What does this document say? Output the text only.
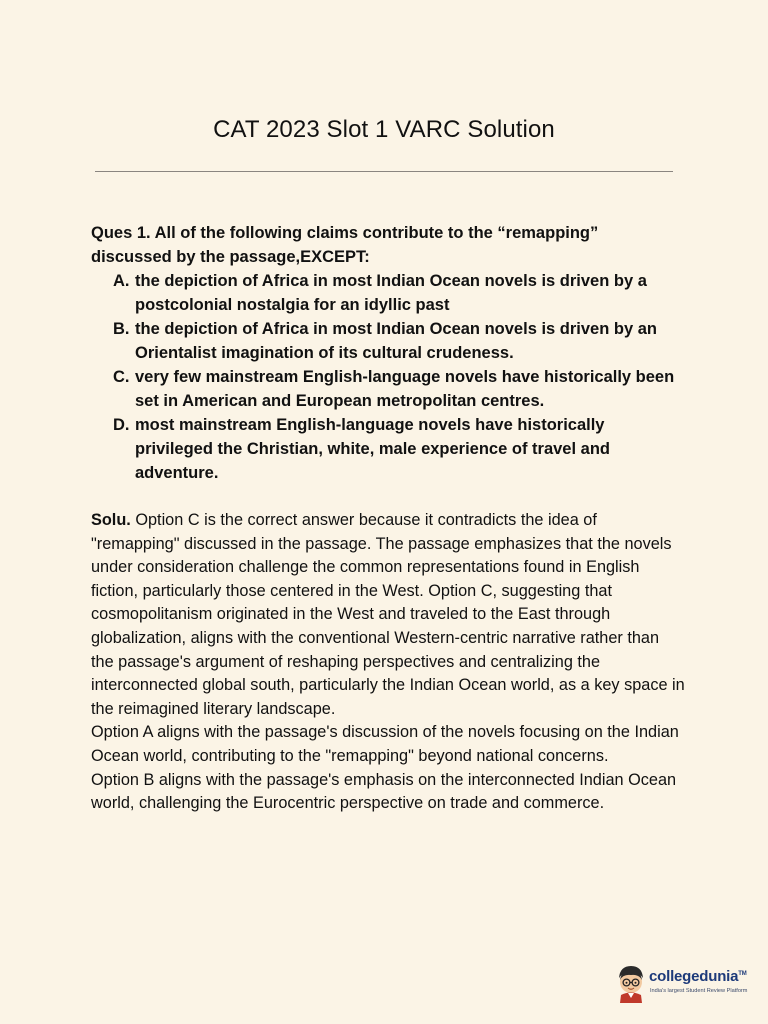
CAT 2023 Slot 1 VARC Solution

Ques 1. All of the following claims contribute to the “remapping” discussed by the passage,EXCEPT:

A. the depiction of Africa in most Indian Ocean novels is driven by a postcolonial nostalgia for an idyllic past
B. the depiction of Africa in most Indian Ocean novels is driven by an Orientalist imagination of its cultural crudeness.
C. very few mainstream English-language novels have historically been set in American and European metropolitan centres.
D. most mainstream English-language novels have historically privileged the Christian, white, male experience of travel and adventure.

Solu. Option C is the correct answer because it contradicts the idea of "remapping" discussed in the passage. The passage emphasizes that the novels under consideration challenge the common representations found in English fiction, particularly those centered in the West. Option C, suggesting that cosmopolitanism originated in the West and traveled to the East through globalization, aligns with the conventional Western-centric narrative rather than the passage's argument of reshaping perspectives and centralizing the interconnected global south, particularly the Indian Ocean world, as a key space in the reimagined literary landscape.

Option A aligns with the passage's discussion of the novels focusing on the Indian Ocean world, contributing to the "remapping" beyond national concerns.

Option B aligns with the passage's emphasis on the interconnected Indian Ocean world, challenging the Eurocentric perspective on trade and commerce.

collegedunia™
India's largest Student Review Platform
